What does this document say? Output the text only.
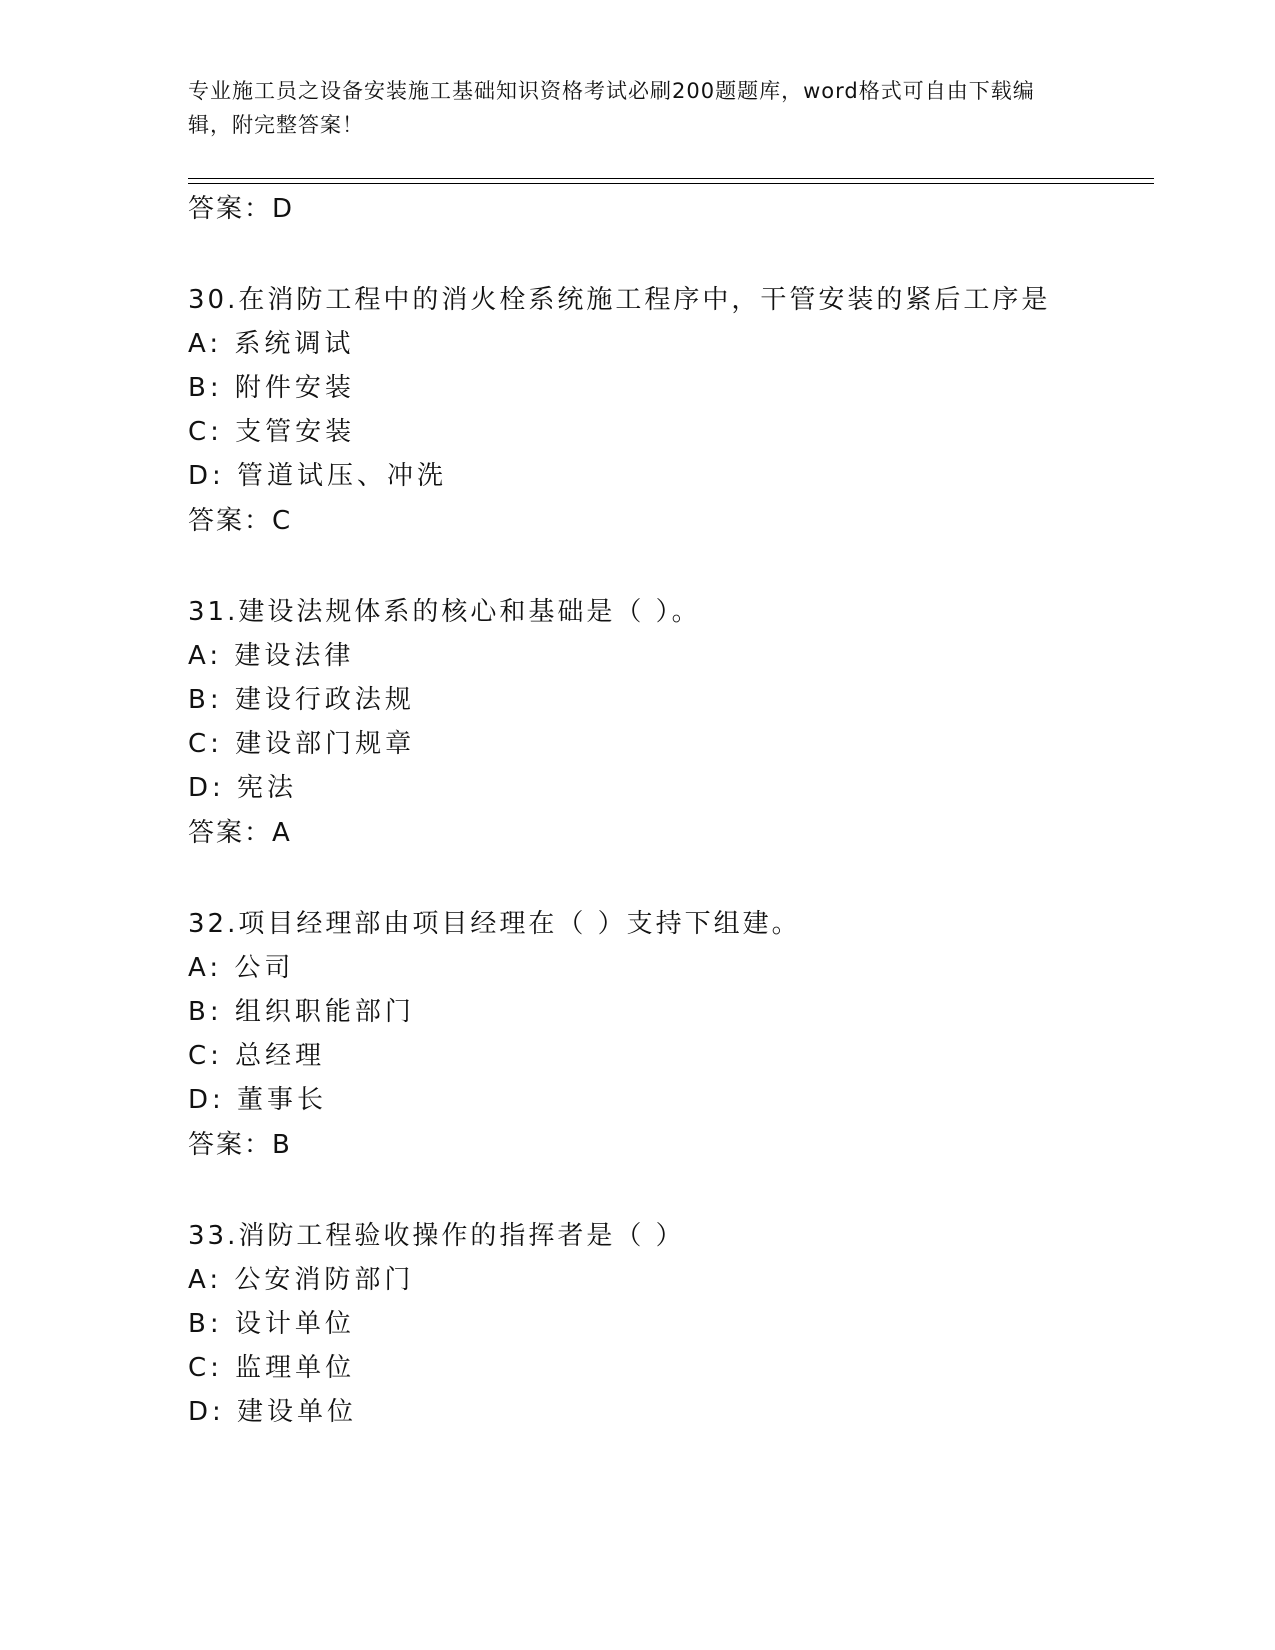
专业施工员之设备安装施工基础知识资格考试必刷200题题库，word格式可自由下载编辑，附完整答案！
答案：D
30.在消防工程中的消火栓系统施工程序中，干管安装的紧后工序是
A: 系统调试
B: 附件安装
C: 支管安装
D: 管道试压、冲洗
答案：C
31.建设法规体系的核心和基础是（ ）。
A: 建设法律
B: 建设行政法规
C: 建设部门规章
D: 宪法
答案：A
32.项目经理部由项目经理在（ ）支持下组建。
A: 公司
B: 组织职能部门
C: 总经理
D: 董事长
答案：B
33.消防工程验收操作的指挥者是（ ）
A: 公安消防部门
B: 设计单位
C: 监理单位
D: 建设单位
